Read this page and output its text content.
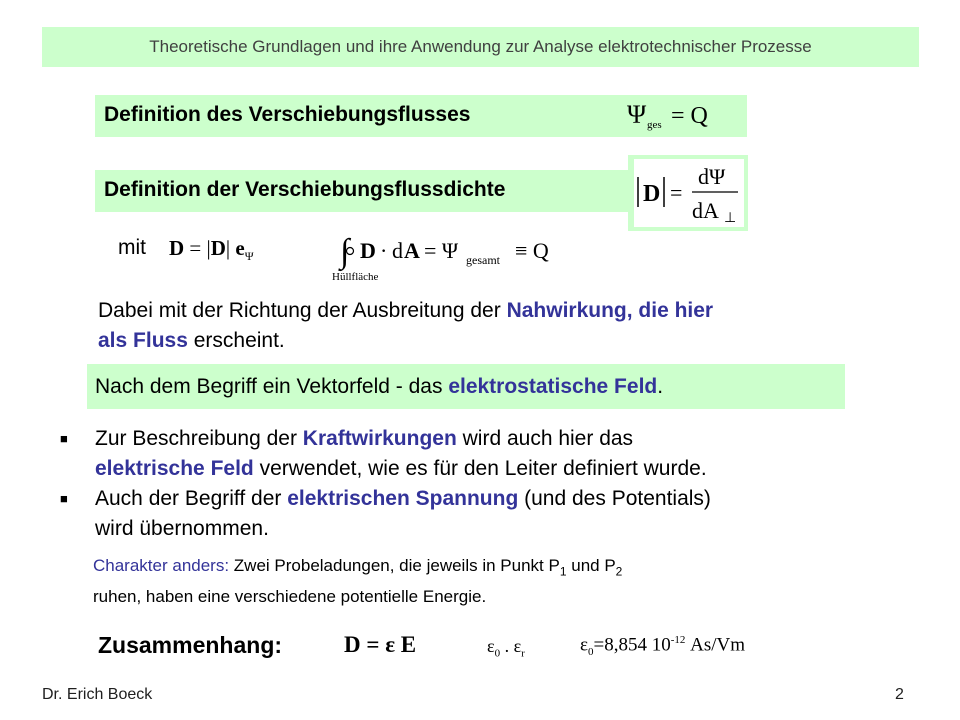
Theoretische Grundlagen und ihre Anwendung zur Analyse elektrotechnischer Prozesse
Definition des Verschiebungsflusses	Ψ ges = Q
Definition der Verschiebungsflussdichte	D =
dΨ
dA ⊥
mit D = |D| $e_\Psi$	∫ D · d A = Ψ gesamt ≡ Q
Hüllfläche
Dabei mit der Richtung der Ausbreitung der Nahwirkung, die hier
als Fluss erscheint.
Nach dem Begriff ein Vektorfeld - das elektrostatische Feld.
■ Zur Beschreibung der Kraftwirkungen wird auch hier das
elektrische Feld verwendet, wie es für den Leiter definiert wurde.
■ Auch der Begriff der elektrischen Spannung (und des Potentials)
wird übernommen.
Charakter anders: Zwei Probeladungen, die jeweils in Punkt $P_1$ und $P_2$
ruhen, haben eine verschiedene potentielle Energie.
Zusammenhang:	D = ε E	$\varepsilon_0$ . $\varepsilon_r$	$\varepsilon_0=8,854$ $10^{-12}$ As/Vm
Dr. Erich Boeck	2
